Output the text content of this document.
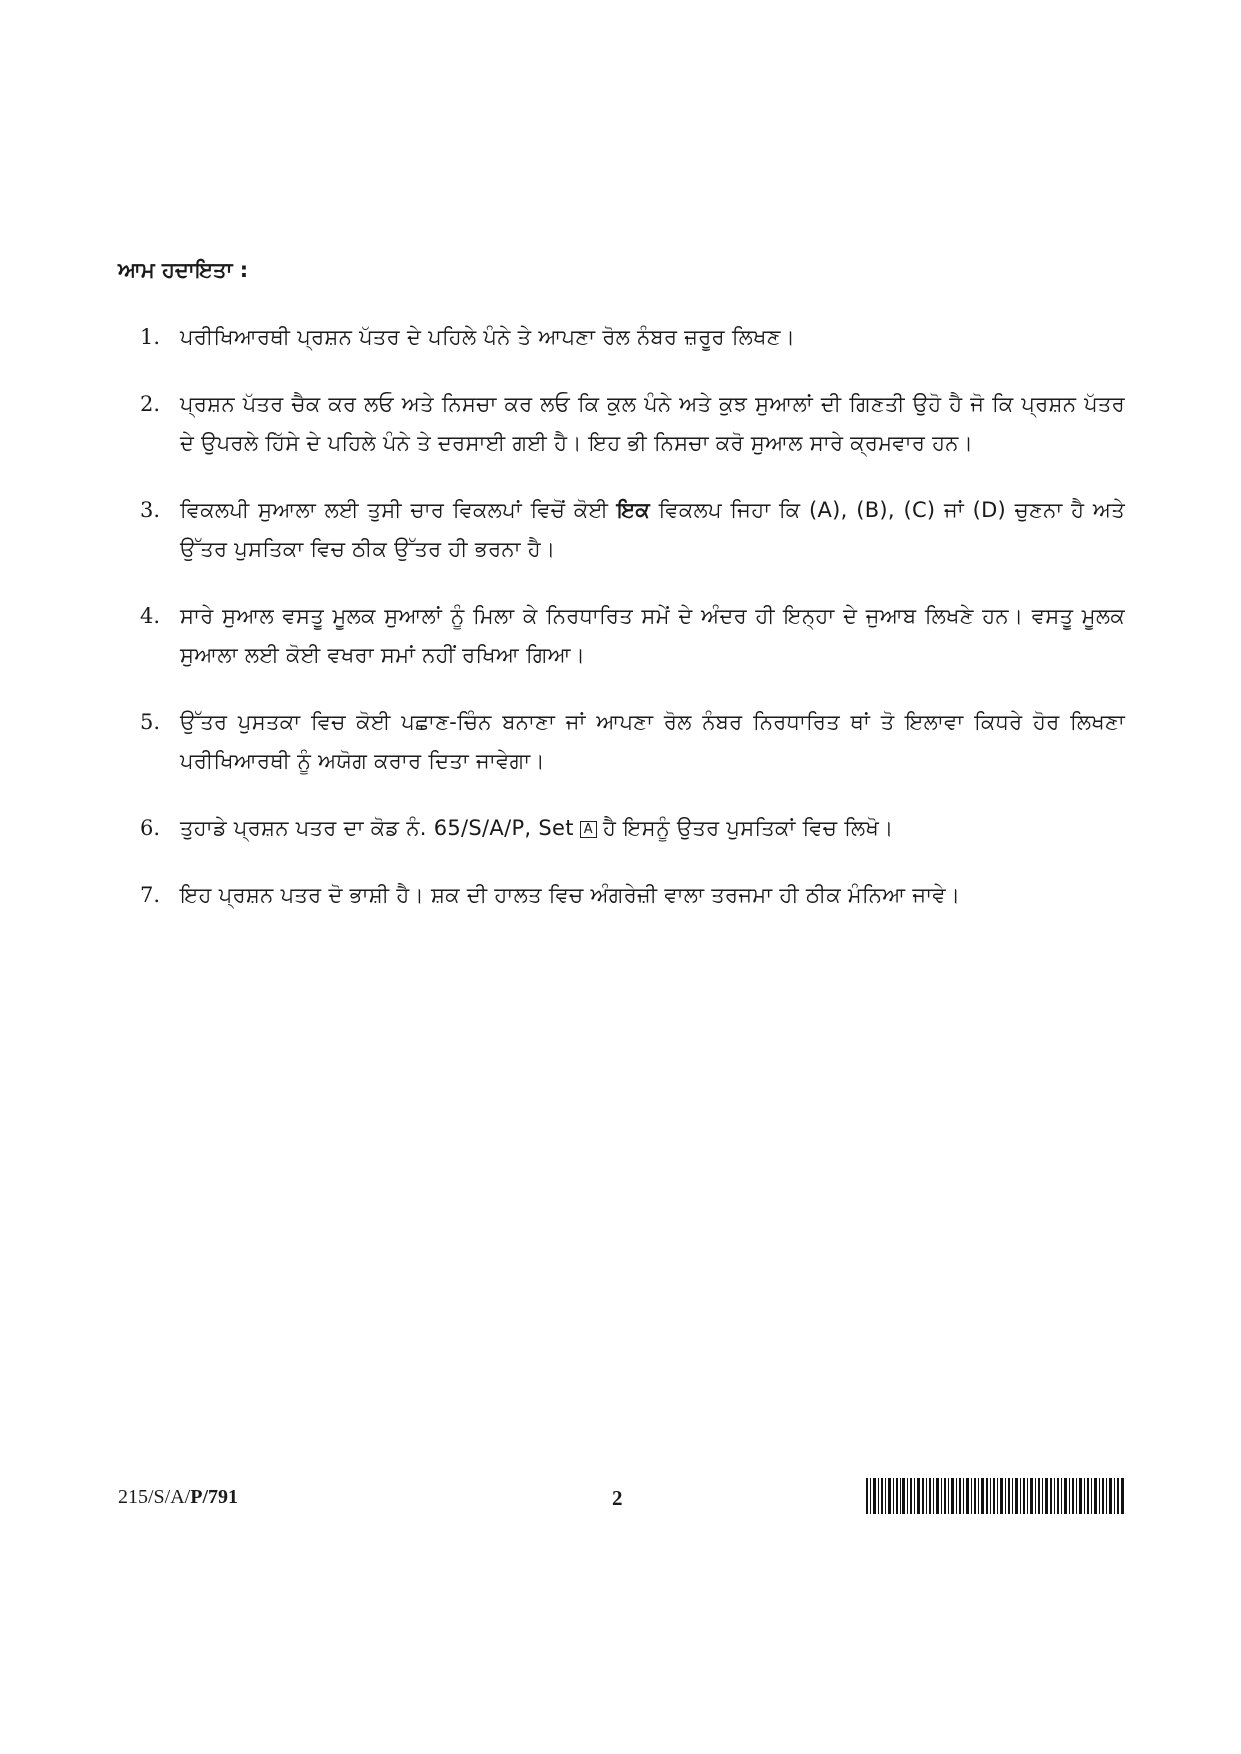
ਆਮ ਹਦਾਇਤਾ :
1. ਪਰੀਖਿਆਰਥੀ ਪ੍ਰਸ਼ਨ ਪੱਤਰ ਦੇ ਪਹਿਲੇ ਪੰਨੇ ਤੇ ਆਪਣਾ ਰੋਲ ਨੰਬਰ ਜ਼ਰੂਰ ਲਿਖਣ।
2. ਪ੍ਰਸ਼ਨ ਪੱਤਰ ਚੈਕ ਕਰ ਲਓ ਅਤੇ ਨਿਸਚਾ ਕਰ ਲਓ ਕਿ ਕੁਲ ਪੰਨੇ ਅਤੇ ਕੁਝ ਸੁਆਲਾਂ ਦੀ ਗਿਣਤੀ ਉਹੋ ਹੈ ਜੋ ਕਿ ਪ੍ਰਸ਼ਨ ਪੱਤਰ ਦੇ ਉਪਰਲੇ ਹਿੱਸੇ ਦੇ ਪਹਿਲੇ ਪੰਨੇ ਤੇ ਦਰਸਾਈ ਗਈ ਹੈ। ਇਹ ਭੀ ਨਿਸਚਾ ਕਰੋ ਸੁਆਲ ਸਾਰੇ ਕ੍ਰਮਵਾਰ ਹਨ।
3. ਵਿਕਲਪੀ ਸੁਆਲਾ ਲਈ ਤੁਸੀ ਚਾਰ ਵਿਕਲਪਾਂ ਵਿਚੋਂ ਕੋਈ ਇਕ ਵਿਕਲਪ ਜਿਹਾ ਕਿ (A), (B), (C) ਜਾਂ (D) ਚੁਣਨਾ ਹੈ ਅਤੇ ਉੱਤਰ ਪੁਸਤਿਕਾ ਵਿਚ ਠੀਕ ਉੱਤਰ ਹੀ ਭਰਨਾ ਹੈ।
4. ਸਾਰੇ ਸੁਆਲ ਵਸਤੂ ਮੂਲਕ ਸੁਆਲਾਂ ਨੂੰ ਮਿਲਾ ਕੇ ਨਿਰਧਾਰਿਤ ਸਮੇਂ ਦੇ ਅੰਦਰ ਹੀ ਇਨ੍ਹਾ ਦੇ ਜੁਆਬ ਲਿਖਣੇ ਹਨ। ਵਸਤੂ ਮੂਲਕ ਸੁਆਲਾ ਲਈ ਕੋਈ ਵਖਰਾ ਸਮਾਂ ਨਹੀਂ ਰਖਿਆ ਗਿਆ।
5. ਉੱਤਰ ਪੁਸਤਕਾ ਵਿਚ ਕੋਈ ਪਛਾਣ-ਚਿੰਨ ਬਨਾਣਾ ਜਾਂ ਆਪਣਾ ਰੋਲ ਨੰਬਰ ਨਿਰਧਾਰਿਤ ਥਾਂ ਤੋ ਇਲਾਵਾ ਕਿਧਰੇ ਹੋਰ ਲਿਖਣਾ ਪਰੀਖਿਆਰਥੀ ਨੂੰ ਅਯੋਗ ਕਰਾਰ ਦਿਤਾ ਜਾਵੇਗਾ।
6. ਤੁਹਾਡੇ ਪ੍ਰਸ਼ਨ ਪਤਰ ਦਾ ਕੋਡ ਨੰ. 65/S/A/P, Set A ਹੈ ਇਸਨੂੰ ਉਤਰ ਪੁਸਤਿਕਾਂ ਵਿਚ ਲਿਖੋ।
7. ਇਹ ਪ੍ਰਸ਼ਨ ਪਤਰ ਦੋ ਭਾਸ਼ੀ ਹੈ। ਸ਼ਕ ਦੀ ਹਾਲਤ ਵਿਚ ਅੰਗਰੇਜ਼ੀ ਵਾਲਾ ਤਰਜਮਾ ਹੀ ਠੀਕ ਮੰਨਿਆ ਜਾਵੇ।
215/S/A/P/791	2
